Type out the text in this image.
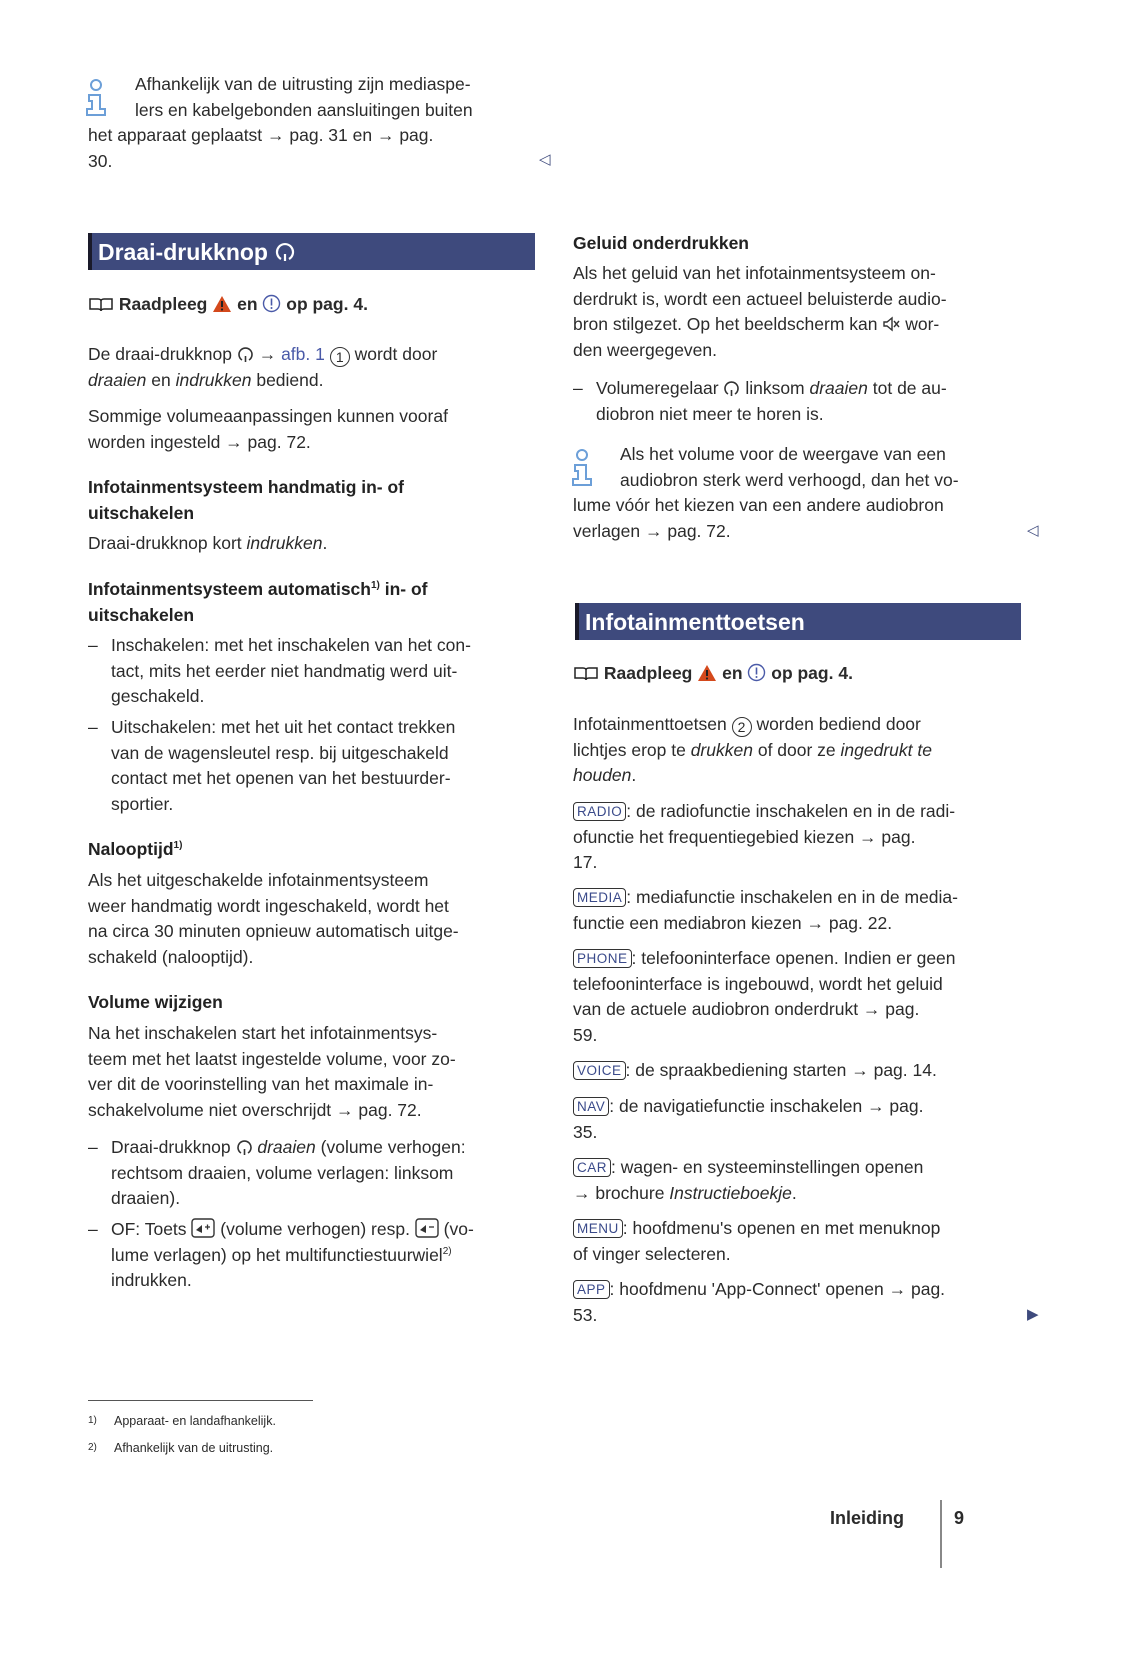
Afhankelijk van de uitrusting zijn mediaspe-
lers en kabelgebonden aansluitingen buiten
het apparaat geplaatst → pag. 31 en → pag.
30.	◁
Draai-drukknop
Raadpleeg  en  op pag. 4.
De draai-drukknop  → afb. 1 1 wordt door
draaien en indrukken bediend.
Sommige volumeaanpassingen kunnen vooraf
worden ingesteld → pag. 72.
Infotainmentsysteem handmatig in- of
uitschakelen
Draai-drukknop kort indrukken.
Infotainmentsysteem automatisch$^{1)}$ in- of
uitschakelen
– Inschakelen: met het inschakelen van het con-
tact, mits het eerder niet handmatig werd uit-
geschakeld.
– Uitschakelen: met het uit het contact trekken
van de wagensleutel resp. bij uitgeschakeld
contact met het openen van het bestuurder-
sportier.
Nalooptijd$^{1)}$
Als het uitgeschakelde infotainmentsysteem
weer handmatig wordt ingeschakeld, wordt het
na circa 30 minuten opnieuw automatisch uitge-
schakeld (nalooptijd).
Volume wijzigen
Na het inschakelen start het infotainmentsys-
teem met het laatst ingestelde volume, voor zo-
ver dit de voorinstelling van het maximale in-
schakelvolume niet overschrijdt → pag. 72.
– Draai-drukknop  draaien (volume verhogen:
rechtsom draaien, volume verlagen: linksom
draaien).
– OF: Toets  (volume verhogen) resp.  (vo-
lume verlagen) op het multifunctiestuurwiel$^{2)}$
indrukken.
$^{1)}$ Apparaat- en landafhankelijk.
$^{2)}$ Afhankelijk van de uitrusting.
Geluid onderdrukken
Als het geluid van het infotainmentsysteem on-
derdrukt is, wordt een actueel beluisterde audio-
bron stilgezet. Op het beeldscherm kan  wor-
den weergegeven.
– Volumeregelaar  linksom draaien tot de au-
diobron niet meer te horen is.
Als het volume voor de weergave van een
audiobron sterk werd verhoogd, dan het vo-
lume vóór het kiezen van een andere audiobron
verlagen → pag. 72.	◁
Infotainmenttoetsen
Raadpleeg  en  op pag. 4.
Infotainmenttoetsen 2 worden bediend door
lichtjes erop te drukken of door ze ingedrukt te
houden.
RADIO : de radiofunctie inschakelen en in de radi-
ofunctie het frequentiegebied kiezen → pag.
17.
MEDIA : mediafunctie inschakelen en in de media-
functie een mediabron kiezen → pag. 22.
PHONE : telefooninterface openen. Indien er geen
telefooninterface is ingebouwd, wordt het geluid
van de actuele audiobron onderdrukt → pag.
59.
VOICE : de spraakbediening starten → pag. 14.
NAV : de navigatiefunctie inschakelen → pag.
35.
CAR : wagen- en systeeminstellingen openen
→ brochure Instructieboekje.
MENU : hoofdmenu's openen en met menuknop
of vinger selecteren.
APP : hoofdmenu 'App-Connect' openen → pag.
53.	▶
Inleiding	9
